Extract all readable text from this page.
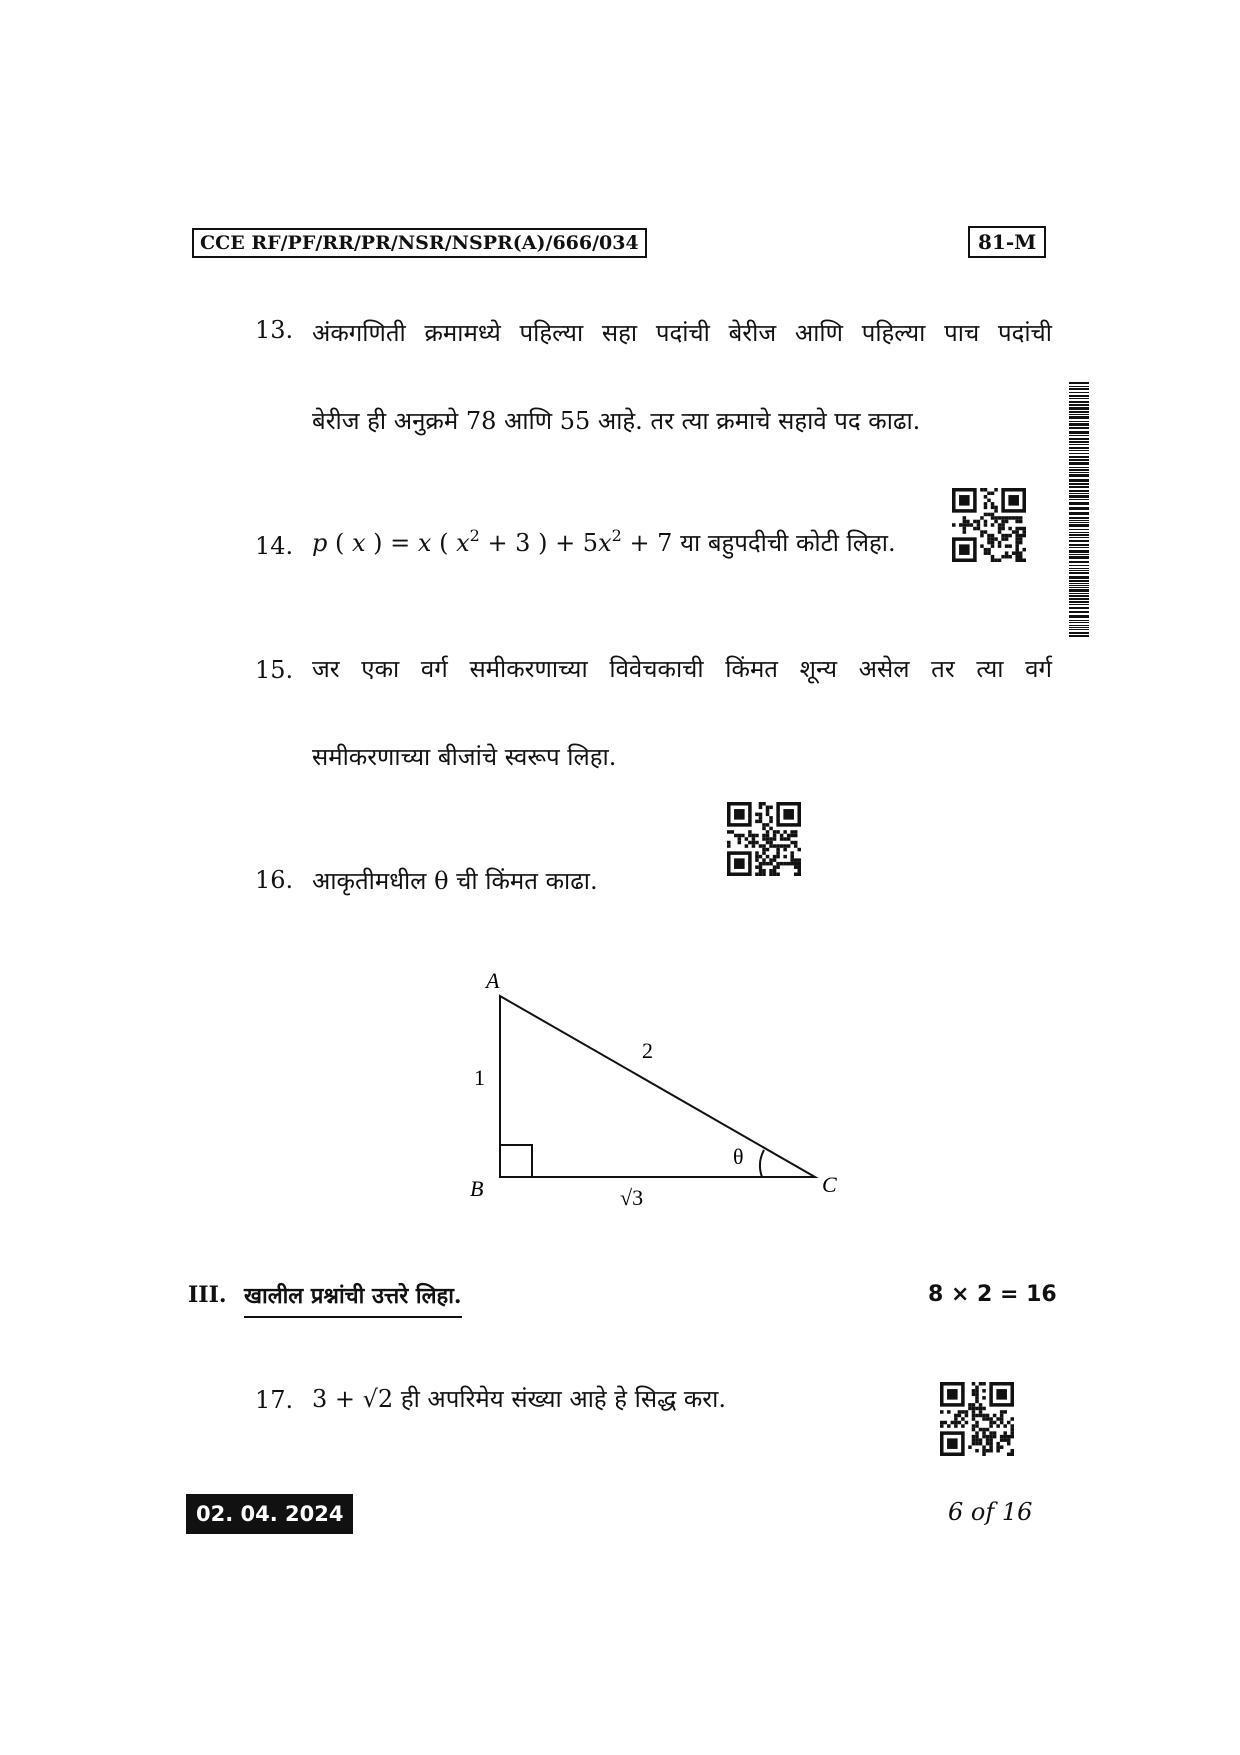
CCE RF/PF/RR/PR/NSR/NSPR(A)/666/034	81-M
13. अंकगणिती क्रमामध्ये पहिल्या सहा पदांची बेरीज आणि पहिल्या पाच पदांची
बेरीज ही अनुक्रमे 78 आणि 55 आहे. तर त्या क्रमाचे सहावे पद काढा.
14. p ( x ) = x ( $x^2 + 3$ ) + $5x^2 + 7$ या बहुपदीची कोटी लिहा.
15. जर एका वर्ग समीकरणाच्या विवेचकाची किंमत शून्य असेल तर त्या वर्ग
समीकरणाच्या बीजांचे स्वरूप लिहा.
16. आकृतीमधील θ ची किंमत काढा.
A
B	C
1
2
√3
θ
III. खालील प्रश्नांची उत्तरे लिहा.	8 × 2 = 16
17. 3 + √2 ही अपरिमेय संख्या आहे हे सिद्ध करा.
02. 04. 2024	6 of 16
